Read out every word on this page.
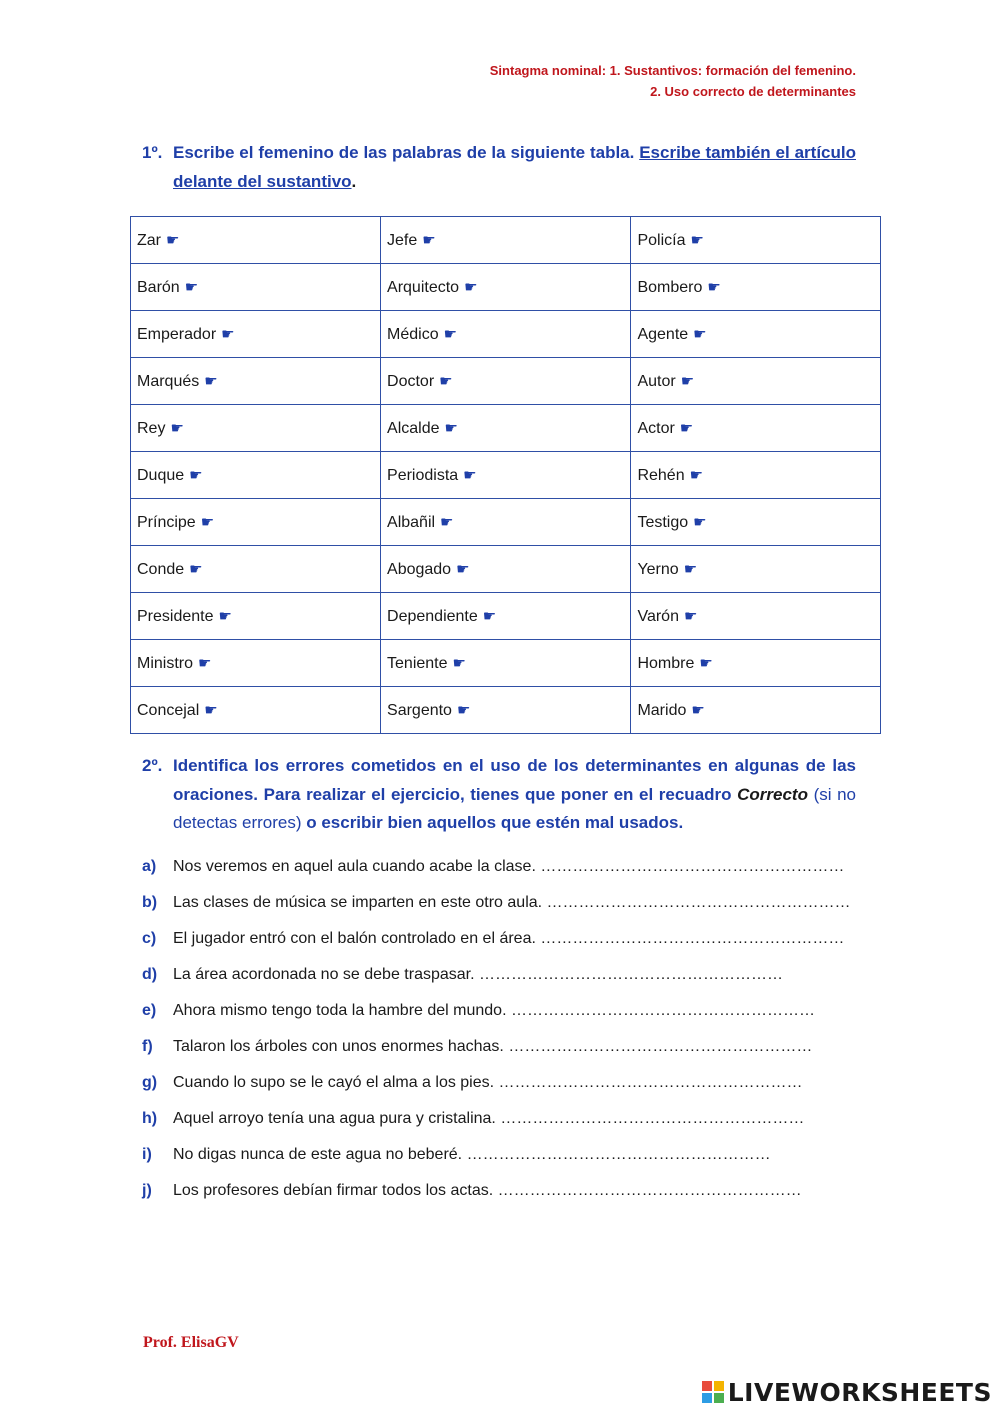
Sintagma nominal: 1. Sustantivos: formación del femenino.
2. Uso correcto de determinantes
1º. Escribe el femenino de las palabras de la siguiente tabla. Escribe también el artículo delante del sustantivo.
Zar ☛	Jefe ☛	Policía ☛
Barón ☛	Arquitecto ☛	Bombero ☛
Emperador ☛	Médico ☛	Agente ☛
Marqués ☛	Doctor ☛	Autor ☛
Rey ☛	Alcalde ☛	Actor ☛
Duque ☛	Periodista ☛	Rehén ☛
Príncipe ☛	Albañil ☛	Testigo ☛
Conde ☛	Abogado ☛	Yerno ☛
Presidente ☛	Dependiente ☛	Varón ☛
Ministro ☛	Teniente ☛	Hombre ☛
Concejal ☛	Sargento ☛	Marido ☛
2º. Identifica los errores cometidos en el uso de los determinantes en algunas de las oraciones. Para realizar el ejercicio, tienes que poner en el recuadro Correcto (si no detectas errores) o escribir bien aquellos que estén mal usados.
a) Nos veremos en aquel aula cuando acabe la clase. …………………………………………………
b) Las clases de música se imparten en este otro aula. …………………………………………………
c) El jugador entró con el balón controlado en el área. …………………………………………………
d) La área acordonada no se debe traspasar. …………………………………………………
e) Ahora mismo tengo toda la hambre del mundo. …………………………………………………
f) Talaron los árboles con unos enormes hachas. …………………………………………………
g) Cuando lo supo se le cayó el alma a los pies. …………………………………………………
h) Aquel arroyo tenía una agua pura y cristalina. …………………………………………………
i) No digas nunca de este agua no beberé. …………………………………………………
j) Los profesores debían firmar todos los actas. …………………………………………………
Prof. ElisaGV
LIVEWORKSHEETS
